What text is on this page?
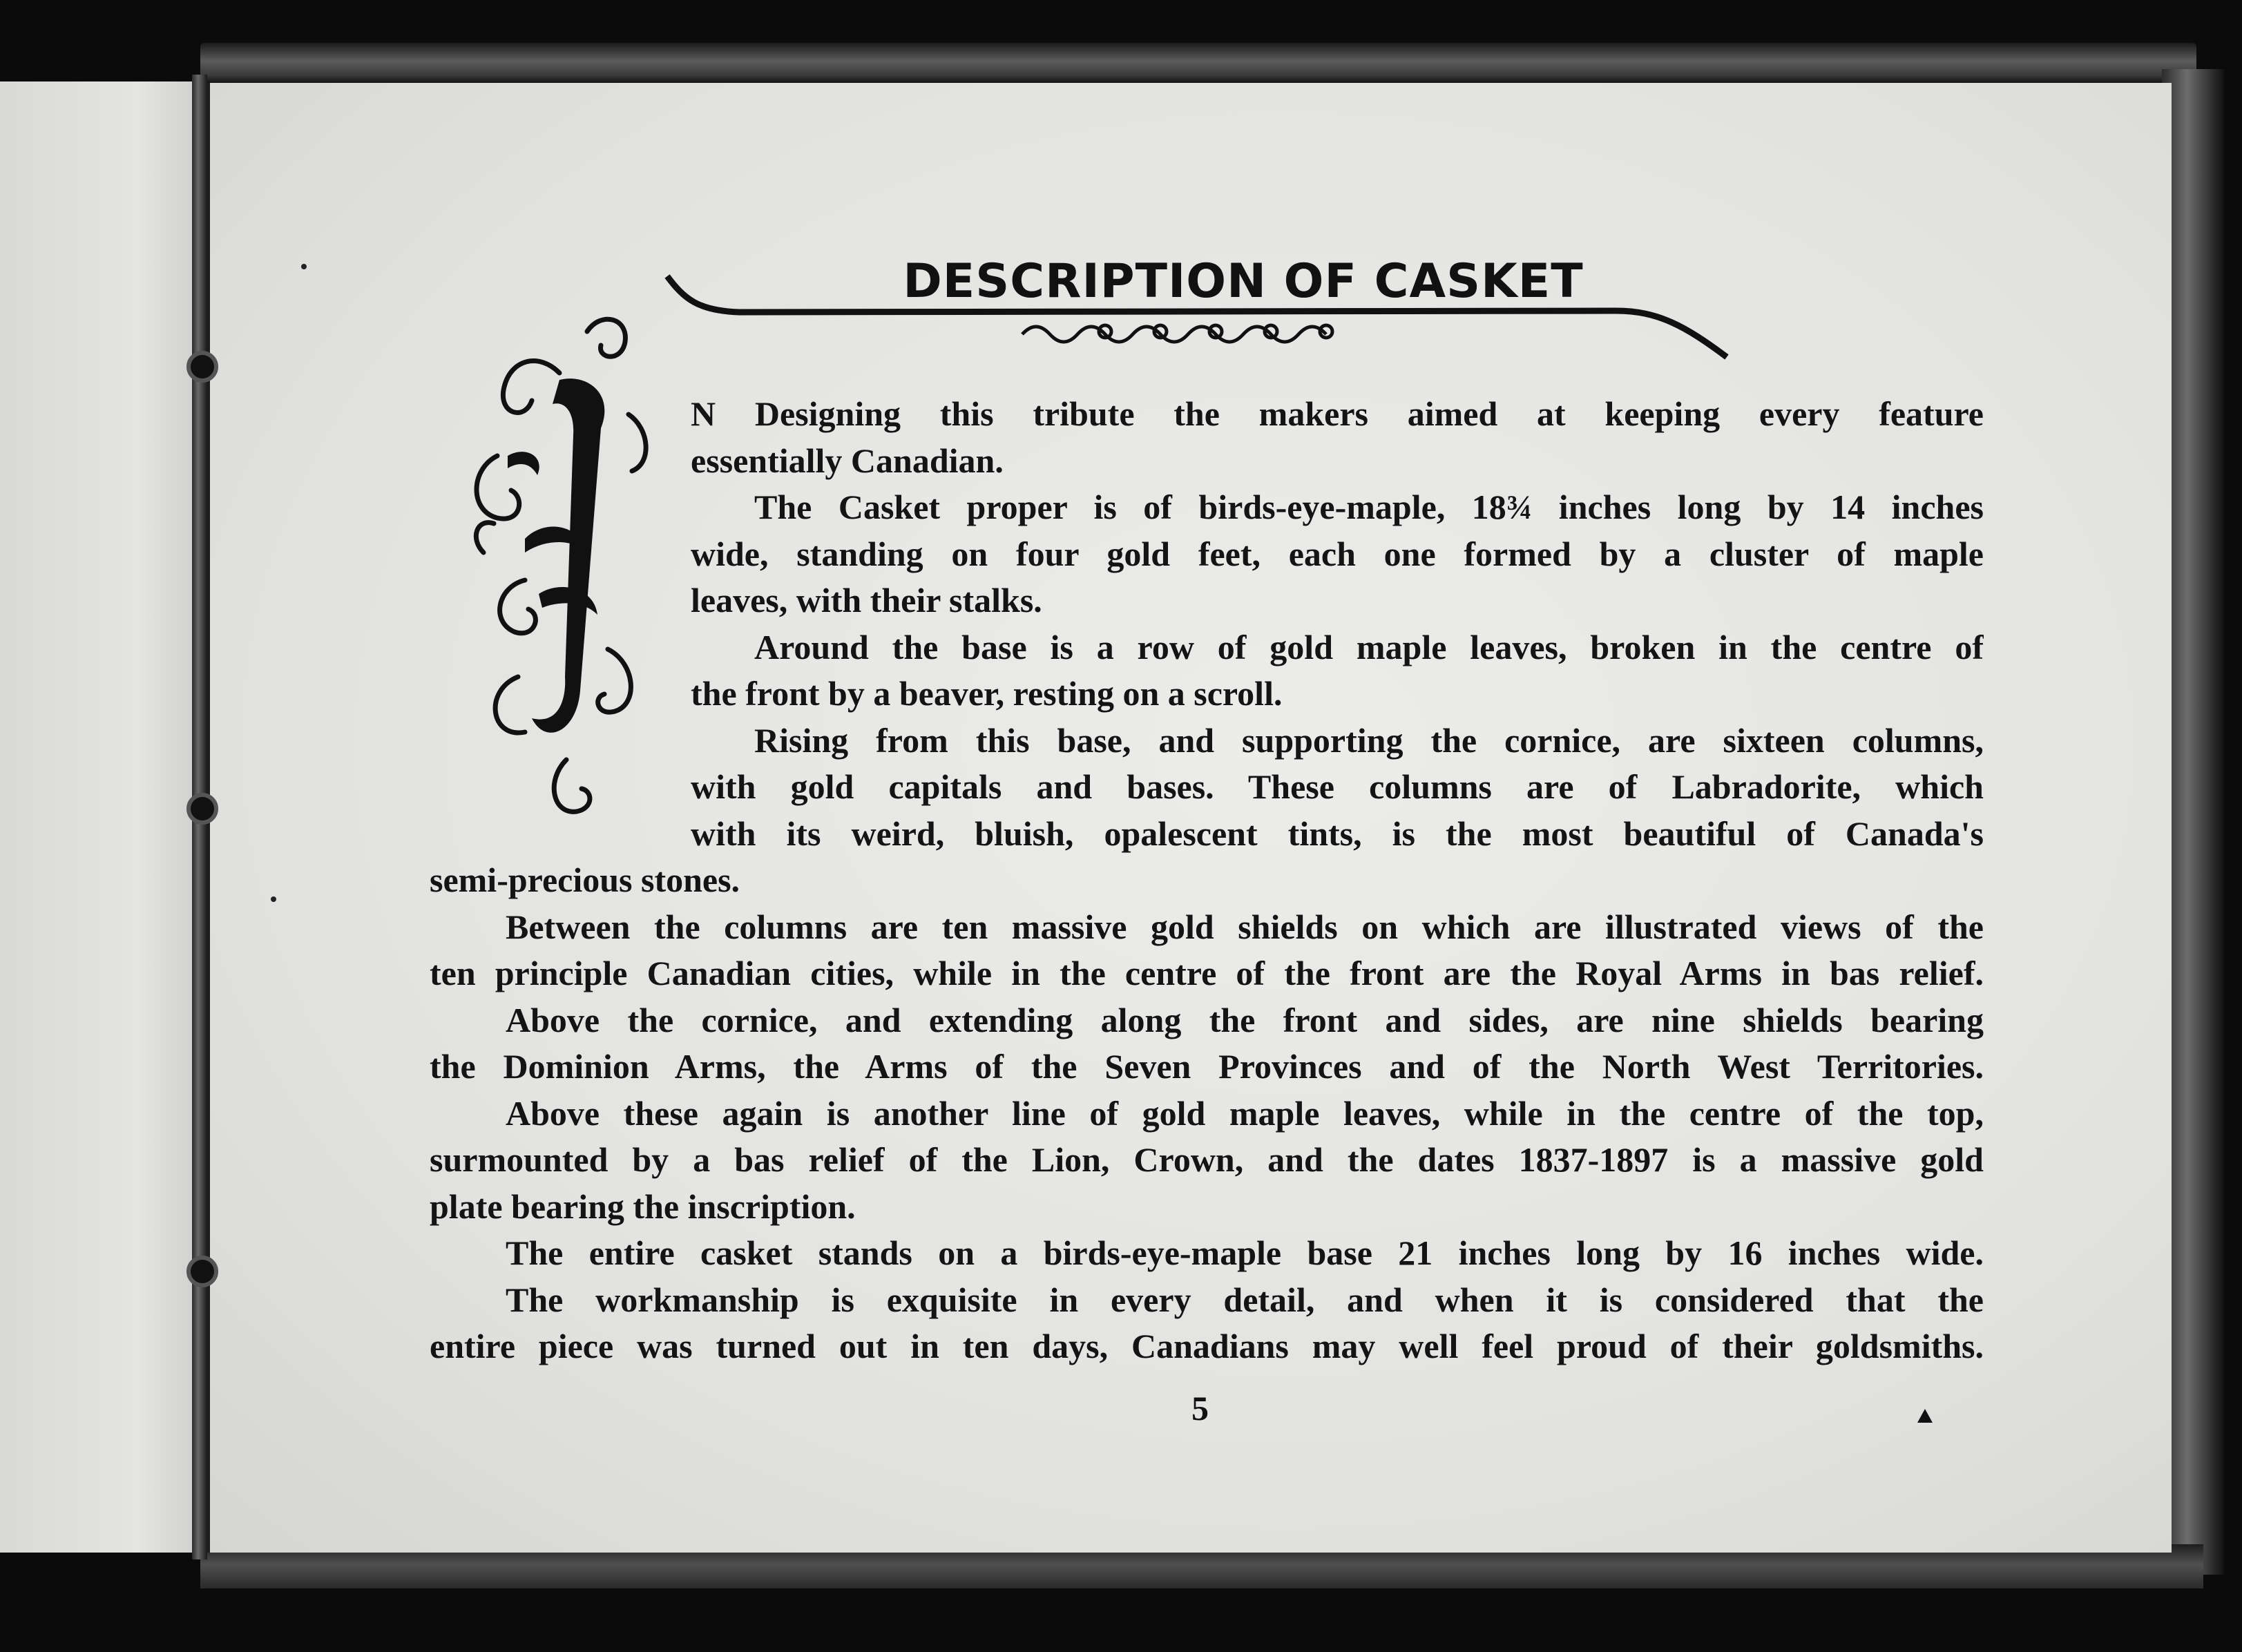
DESCRIPTION OF CASKET
N Designing this tribute the makers aimed at keeping every feature
essentially Canadian.
The Casket proper is of birds-eye-maple, 18¾ inches long by 14 inches
wide, standing on four gold feet, each one formed by a cluster of maple
leaves, with their stalks.
Around the base is a row of gold maple leaves, broken in the centre of
the front by a beaver, resting on a scroll.
Rising from this base, and supporting the cornice, are sixteen columns,
with gold capitals and bases. These columns are of Labradorite, which
with its weird, bluish, opalescent tints, is the most beautiful of Canada's
semi-precious stones.
Between the columns are ten massive gold shields on which are illustrated views of the
ten principle Canadian cities, while in the centre of the front are the Royal Arms in bas relief.
Above the cornice, and extending along the front and sides, are nine shields bearing
the Dominion Arms, the Arms of the Seven Provinces and of the North West Territories.
Above these again is another line of gold maple leaves, while in the centre of the top,
surmounted by a bas relief of the Lion, Crown, and the dates 1837-1897 is a massive gold
plate bearing the inscription.
The entire casket stands on a birds-eye-maple base 21 inches long by 16 inches wide.
The workmanship is exquisite in every detail, and when it is considered that the
entire piece was turned out in ten days, Canadians may well feel proud of their goldsmiths.
5
